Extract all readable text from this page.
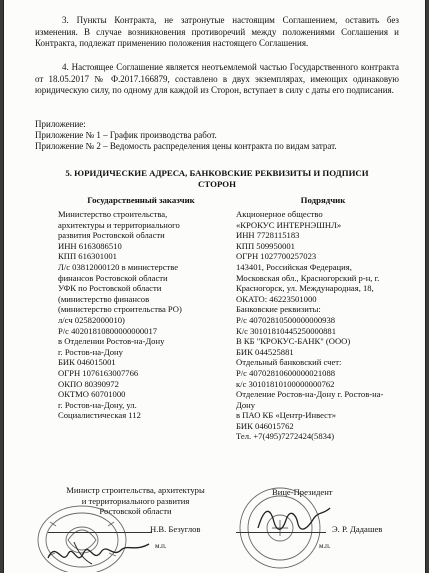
3. Пункты Контракта, не затронутые настоящим Соглашением, оставить без изменения. В случае возникновения противоречий между положениями Соглашения и Контракта, подлежат применению положения настоящего Соглашения.
4. Настоящее Соглашение является неотъемлемой частью Государственного контракта от 18.05.2017 № Ф.2017.166879, составлено в двух экземплярах, имеющих одинаковую юридическую силу, по одному для каждой из Сторон, вступает в силу с даты его подписания.
Приложение:
Приложение № 1 – График производства работ.
Приложение № 2 – Ведомость распределения цены контракта по видам затрат.
5. ЮРИДИЧЕСКИЕ АДРЕСА, БАНКОВСКИЕ РЕКВИЗИТЫ И ПОДПИСИ
СТОРОН
Государственный заказчик	Подрядчик
Министерство строительства,
архитектуры и территориального
развития Ростовской области
ИНН 6163086510
КПП 616301001
Л/с 03812000120 в министерстве
финансов Ростовской области
УФК по Ростовской области
(министерство финансов
(министерство строительства РО)
л/сч 02582000010)
Р/с 40201810800000000017
в Отделении Ростов-на-Дону
г. Ростов-на-Дону
БИК 046015001
ОГРН 1076163007766
ОКПО 80390972
ОКТМО 60701000
г. Ростов-на-Дону, ул.
Социалистическая 112
Акционерное общество
«КРОКУС ИНТЕРНЭШНЛ»
ИНН 7728115183
КПП 509950001
ОГРН 1027700257023
143401, Российская Федерация,
Московская обл., Красногорский р-н, г.
Красногорск, ул. Международная, 18,
ОКАТО: 46223501000
Банковские реквизиты:
Р/с 40702810500000000938
К/с 30101810445250000881
В КБ "КРОКУС-БАНК" (ООО)
БИК 044525881
Отдельный банковский счет:
Р/с 40702810600000021088
к/с 30101810100000000762
Отделение Ростов-на-Дону г. Ростов-на-
Дону
в ПАО КБ «Центр-Инвест»
БИК 046015762
Тел. +7(495)7272424(5834)
Министр строительства, архитектуры
и территориального развития
Ростовской области
Н.В. Безуглов
м.п.
Вице-Президент
Э. Р. Дадашев
м.п.
